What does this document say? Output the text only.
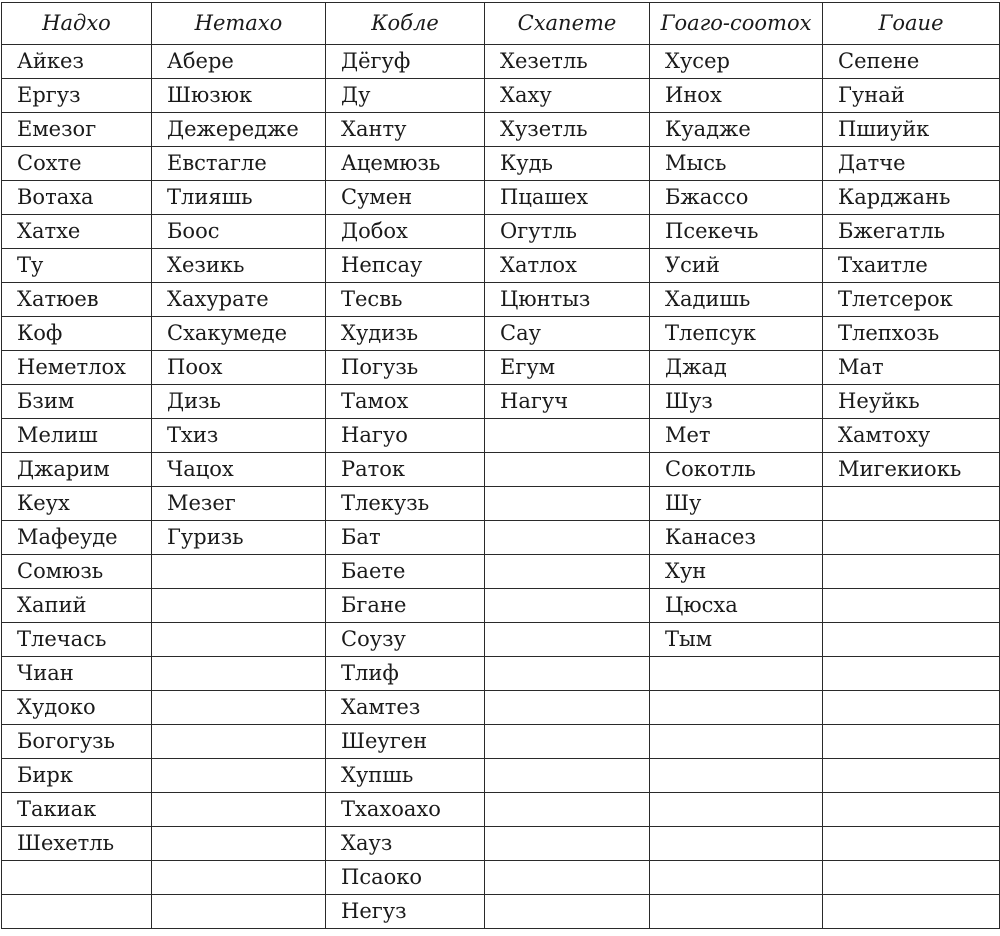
Надхо	Нетахо	Кобле	Схапете	Гоаго-соотох	Гоаие
Айкез	Абере	Дёгуф	Хезетль	Хусер	Сепене
Ергуз	Шюзюк	Ду	Хаху	Инох	Гунай
Емезог	Дежередже	Ханту	Хузетль	Куадже	Пшиуйк
Сохте	Евстагле	Ацемюзь	Кудь	Мысь	Датче
Вотаха	Тлияшь	Сумен	Пцашех	Бжассо	Карджань
Хатхе	Боос	Добох	Огутль	Псекечь	Бжегатль
Ту	Хезикь	Непсау	Хатлох	Усий	Тхаитле
Хатюев	Хахурате	Тесвь	Цюнтыз	Хадишь	Тлетсерок
Коф	Схакумеде	Худизь	Сау	Тлепсук	Тлепхозь
Неметлох	Поох	Погузь	Егум	Джад	Мат
Бзим	Дизь	Тамох	Нагуч	Шуз	Неуйкь
Мелиш	Тхиз	Нагуо		Мет	Хамтоху
Джарим	Чацох	Раток		Сокотль	Мигекиокь
Кеух	Мезег	Тлекузь		Шу	
Мафеуде	Гуризь	Бат		Канасез	
Сомюзь		Баете		Хун	
Хапий		Бгане		Цюсха	
Тлечась		Соузу		Тым	
Чиан		Тлиф			
Худоко		Хамтез			
Богогузь		Шеуген			
Бирк		Хупшь			
Такиак		Тхахоахо			
Шехетль		Хауз			
		Псаоко			
		Негуз			
